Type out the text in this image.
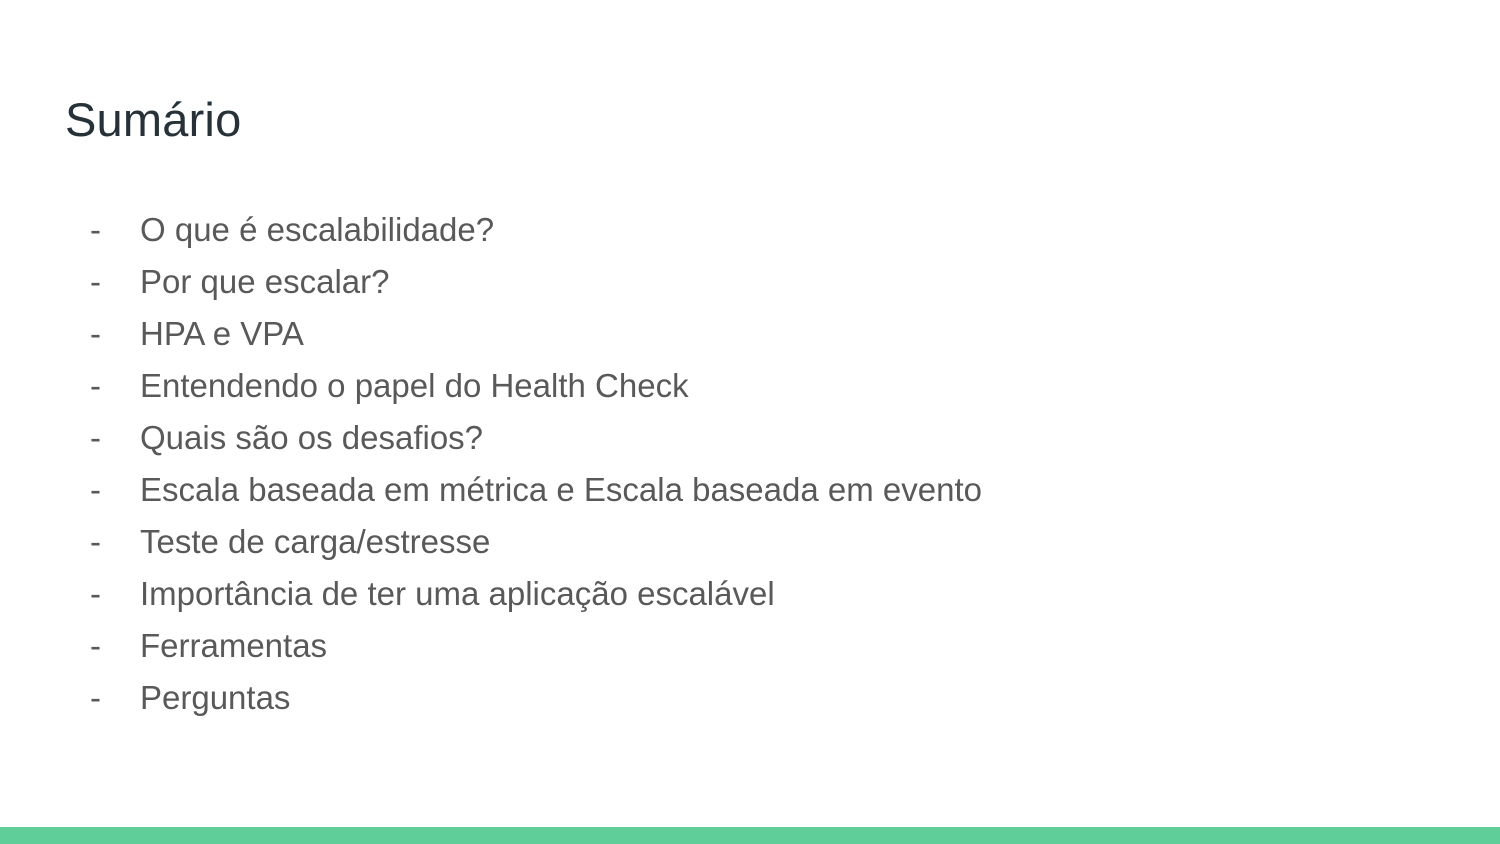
Sumário
-	O que é escalabilidade?
-	Por que escalar?
-	HPA e VPA
-	Entendendo o papel do Health Check
-	Quais são os desafios?
-	Escala baseada em métrica e Escala baseada em evento
-	Teste de carga/estresse
-	Importância de ter uma aplicação escalável
-	Ferramentas
-	Perguntas
